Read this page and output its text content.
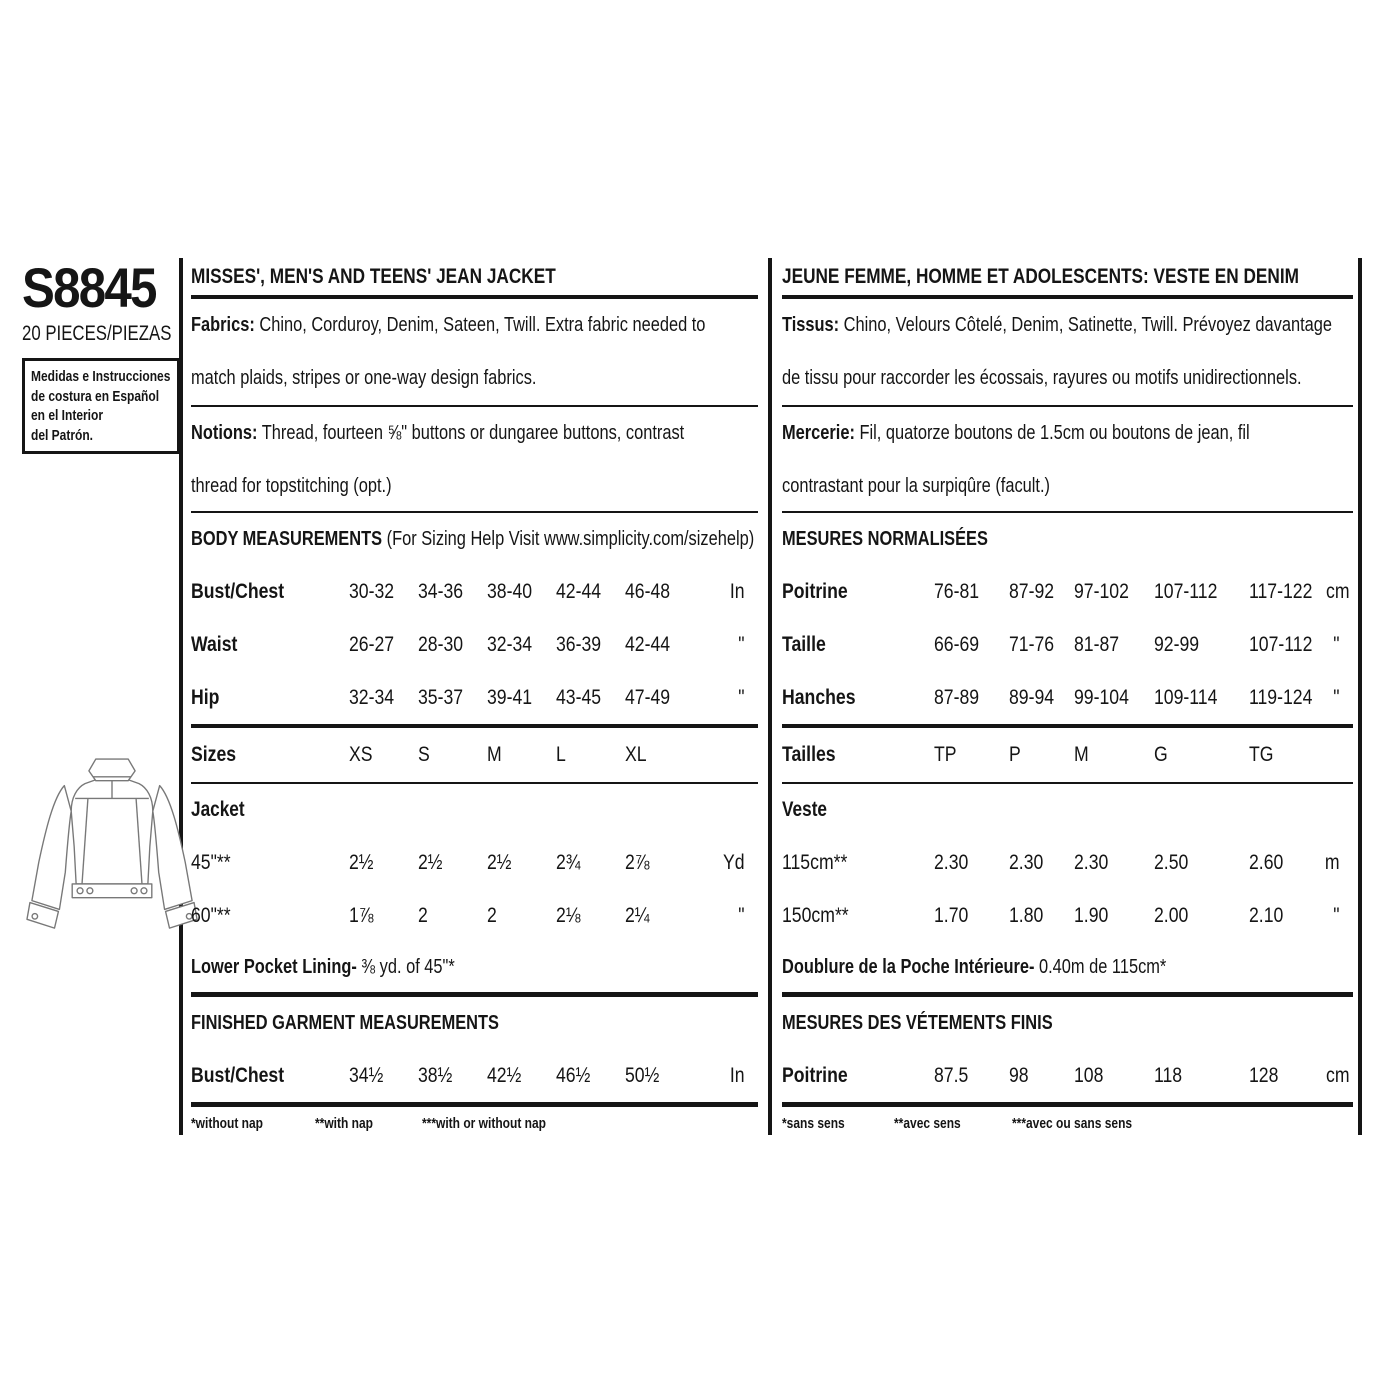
S8845
20 PIECES/PIEZAS
Medidas e Instrucciones
de costura en Español
en el Interior
del Patrón.
MISSES', MEN'S AND TEENS' JEAN JACKET
Fabrics: Chino, Corduroy, Denim, Sateen, Twill. Extra fabric needed to
match plaids, stripes or one-way design fabrics.
Notions: Thread, fourteen ⅝" buttons or dungaree buttons, contrast
thread for topstitching (opt.)
BODY MEASUREMENTS (For Sizing Help Visit www.simplicity.com/sizehelp)
Bust/Chest	30-32	34-36	38-40	42-44	46-48	In
Waist	26-27	28-30	32-34	36-39	42-44	"
Hip	32-34	35-37	39-41	43-45	47-49	"
Sizes	XS	S	M	L	XL
Jacket
45"**	2½	2½	2½	2¾	2⅞	Yd
60"**	1⅞	2	2	2⅛	2¼	"
Lower Pocket Lining- ⅜ yd. of 45"*
FINISHED GARMENT MEASUREMENTS
Bust/Chest	34½	38½	42½	46½	50½	In
*without nap	**with nap	***with or without nap
JEUNE FEMME, HOMME ET ADOLESCENTS: VESTE EN DENIM
Tissus: Chino, Velours Côtelé, Denim, Satinette, Twill. Prévoyez davantage
de tissu pour raccorder les écossais, rayures ou motifs unidirectionnels.
Mercerie: Fil, quatorze boutons de 1.5cm ou boutons de jean, fil
contrastant pour la surpiqûre (facult.)
MESURES NORMALISÉES
Poitrine	76-81	87-92 97-102	107-112	117-122 cm
Taille	66-69	71-76 81-87	92-99	107-112 "
Hanches	87-89	89-94 99-104	109-114	119-124 "
Tailles	TP	P	M	G	TG
Veste
115cm**	2.30	2.30	2.30	2.50	2.60	m
150cm**	1.70	1.80	1.90	2.00	2.10	"
Doublure de la Poche Intérieure- 0.40m de 115cm*
MESURES DES VÉTEMENTS FINIS
Poitrine	87.5	98	108	118	128	cm
*sans sens	**avec sens	***avec ou sans sens
